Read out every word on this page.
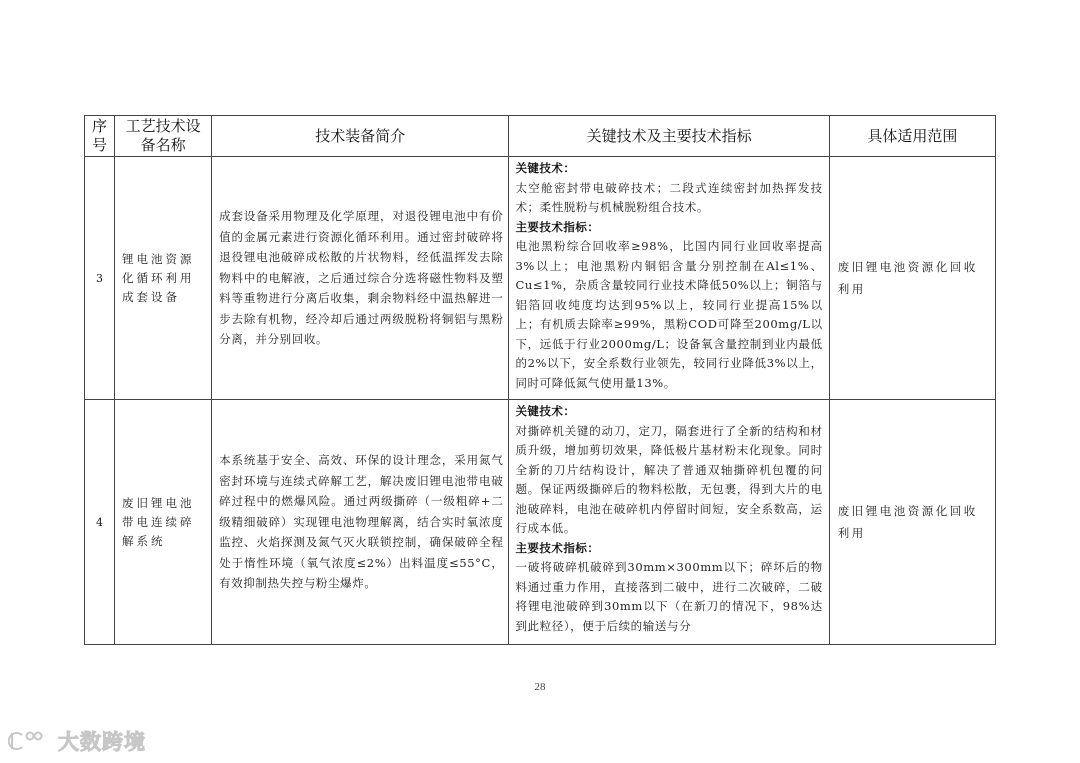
序号	工艺技术设备名称	技术装备简介	关键技术及主要技术指标	具体适用范围
3	锂电池资源化循环利用成套设备	成套设备采用物理及化学原理，对退役锂电池中有价值的金属元素进行资源化循环利用。通过密封破碎将退役锂电池破碎成松散的片状物料，经低温挥发去除物料中的电解液，之后通过综合分选将磁性物料及塑料等重物进行分离后收集，剩余物料经中温热解进一步去除有机物，经冷却后通过两级脱粉将铜铝与黑粉分离，并分别回收。	关键技术：
太空舱密封带电破碎技术；二段式连续密封加热挥发技术；柔性脱粉与机械脱粉组合技术。
主要技术指标：
电池黑粉综合回收率≥98%，比国内同行业回收率提高3%以上；电池黑粉内铜铝含量分别控制在Al≤1%、Cu≤1%，杂质含量较同行业技术降低50%以上；铜箔与铝箔回收纯度均达到95%以上，较同行业提高15%以上；有机质去除率≥99%，黑粉COD可降至200mg/L以下，远低于行业2000mg/L；设备氧含量控制到业内最低的2%以下，安全系数行业领先，较同行业降低3%以上，同时可降低氮气使用量13%。	废旧锂电池资源化回收利用
4	废旧锂电池带电连续碎解系统	本系统基于安全、高效、环保的设计理念，采用氮气密封环境与连续式碎解工艺，解决废旧锂电池带电破碎过程中的燃爆风险。通过两级撕碎（一级粗碎+二级精细破碎）实现锂电池物理解离，结合实时氧浓度监控、火焰探测及氮气灭火联锁控制，确保破碎全程处于惰性环境（氧气浓度≤2%）出料温度≤55°C，有效抑制热失控与粉尘爆炸。	关键技术：
对撕碎机关键的动刀，定刀，隔套进行了全新的结构和材质升级，增加剪切效果，降低极片基材粉末化现象。同时全新的刀片结构设计，解决了普通双轴撕碎机包覆的问题。保证两级撕碎后的物料松散，无包裹，得到大片的电池破碎料，电池在破碎机内停留时间短，安全系数高，运行成本低。
主要技术指标：
一破将破碎机破碎到30mm×300mm以下；碎坏后的物料通过重力作用，直接落到二破中，进行二次破碎，二破将锂电池破碎到30mm以下（在新刀的情况下，98%达到此粒径），便于后续的输送与分	废旧锂电池资源化回收利用
28
大数跨境
